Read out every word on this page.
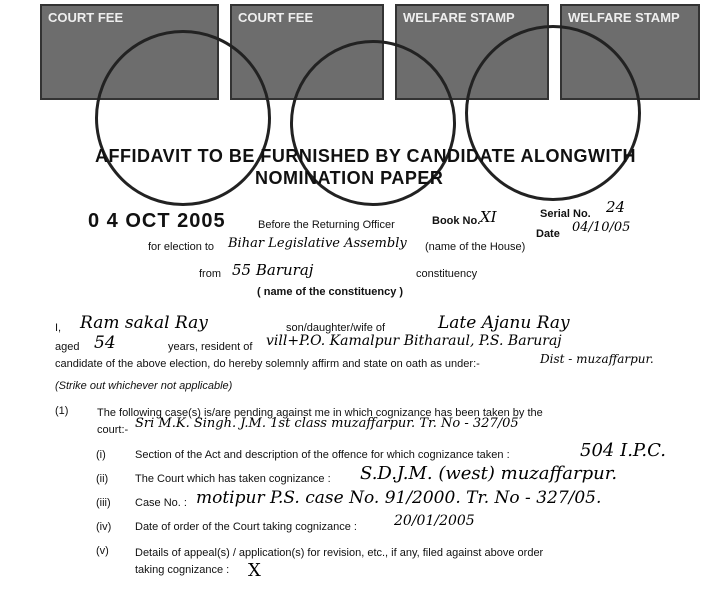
COURT FEE	COURT FEE	WELFARE STAMP	WELFARE STAMP
AFFIDAVIT TO BE FURNISHED BY CANDIDATE ALONGWITH
NOMINATION PAPER
0 4 OCT 2005	Before the Returning Officer	Book No. XI	Serial No. 24
Date 04/10/05
for election to Bihar Legislative Assembly (name of the House)
from 55 Baruraj	constituency
( name of the constituency )
I, Ram sakal Ray	son/daughter/wife of	Late Ajanu Ray
aged 54	years, resident of vill+P.O. Kamalpur Bitharaul, P.S. Baruraj
candidate of the above election, do hereby solemnly affirm and state on oath as under:-	Dist - muzaffarpur.
(Strike out whichever not applicable)
(1)	The following case(s) is/are pending against me in which cognizance has been taken by the
court:- Sri M.K. Singh. J.M. 1st class muzaffarpur. Tr. No - 327/05
(i)	Section of the Act and description of the offence for which cognizance taken :	504 I.P.C.
(ii) The Court which has taken cognizance : S.D.J.M. (west) muzaffarpur.
(iii) Case No. : motipur P.S. case No. 91/2000. Tr. No - 327/05.
(iv) Date of order of the Court taking cognizance :	20/01/2005
(v) Details of appeal(s) / application(s) for revision, etc., if any, filed against above order
taking cognizance : X
